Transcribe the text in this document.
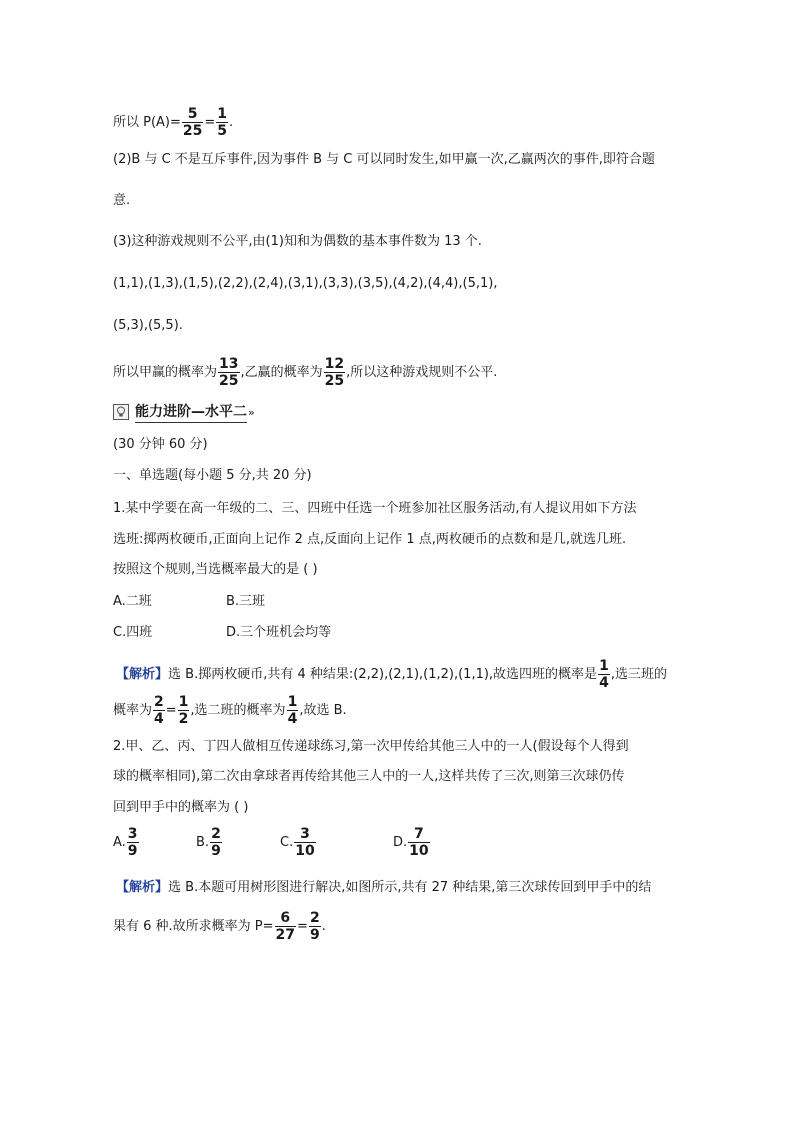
所以 $P(A)= \frac{5}{25} = \frac{1}{5}$ .
(2)B 与 C 不是互斥事件,因为事件 B 与 C 可以同时发生,如甲赢一次,乙赢两次的事件,即符合题
意.
(3)这种游戏规则不公平,由(1)知和为偶数的基本事件数为 13 个.
(1,1),(1,3),(1,5),(2,2),(2,4),(3,1),(3,3),(3,5),(4,2),(4,4),(5,1),
(5,3),(5,5).
所以甲赢的概率为 $\frac{13}{25}$ ,乙赢的概率为 $\frac{12}{25}$ ,所以这种游戏规则不公平.
能力进阶—水平二 »
(30 分钟 60 分)
一、单选题(每小题 5 分,共 20 分)
1.某中学要在高一年级的二、三、四班中任选一个班参加社区服务活动,有人提议用如下方法
选班:掷两枚硬币,正面向上记作 2 点,反面向上记作 1 点,两枚硬币的点数和是几,就选几班.
按照这个规则,当选概率最大的是 ( )
A.二班	B.三班
C.四班	D.三个班机会均等
【解析】选 B.掷两枚硬币,共有 4 种结果:(2,2),(2,1),(1,2),(1,1),故选四班的概率是 $\frac{1}{4}$ ,选三班的
概率为 $\frac{2}{4} = \frac{1}{2}$ ,选二班的概率为 $\frac{1}{4}$ ,故选 B.
2.甲、乙、丙、丁四人做相互传递球练习,第一次甲传给其他三人中的一人(假设每个人得到
球的概率相同),第二次由拿球者再传给其他三人中的一人,这样共传了三次,则第三次球仍传
回到甲手中的概率为 ( )
A. $\frac{3}{9}$	B. $\frac{2}{9}$	C. $\frac{3}{10}$	D. $\frac{7}{10}$
【解析】选 B.本题可用树形图进行解决,如图所示,共有 27 种结果,第三次球传回到甲手中的结
果有 6 种.故所求概率为 $P= \frac{6}{27} = \frac{2}{9}$ .
